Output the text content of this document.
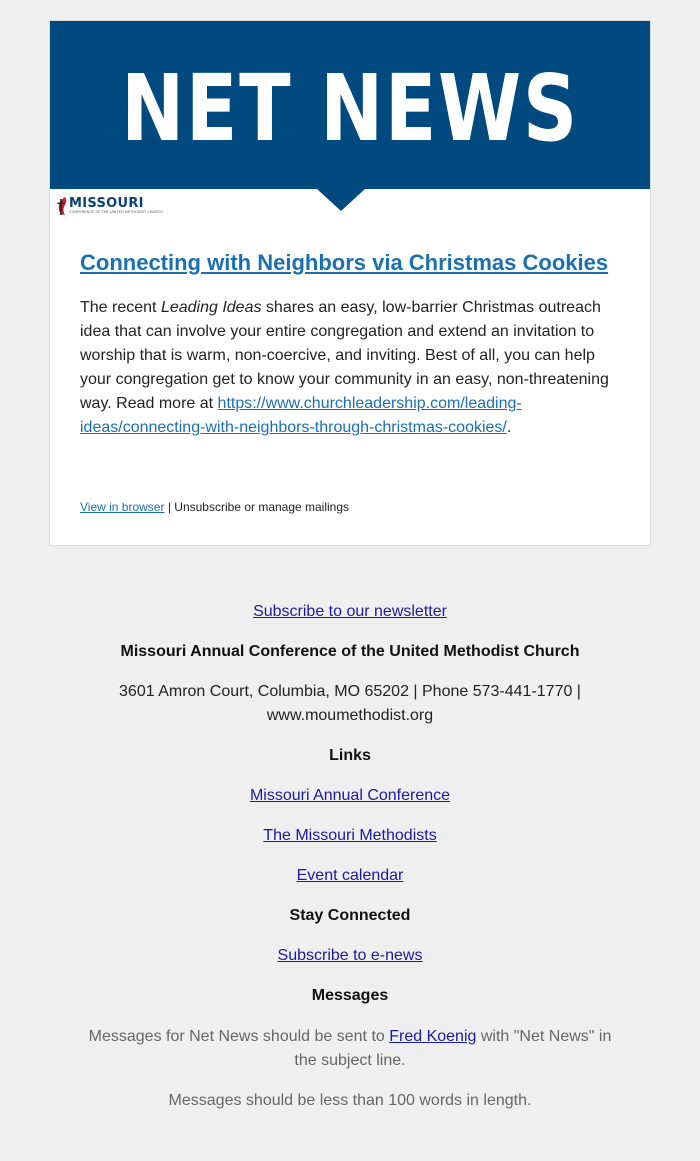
NET NEWS
MISSOURI
CONFERENCE OF THE UNITED METHODIST CHURCH
Connecting with Neighbors via Christmas Cookies
The recent Leading Ideas shares an easy, low-barrier Christmas outreach idea that can involve your entire congregation and extend an invitation to worship that is warm, non-coercive, and inviting. Best of all, you can help your congregation get to know your community in an easy, non-threatening way. Read more at https://www.churchleadership.com/leading-ideas/connecting-with-neighbors-through-christmas-cookies/.
View in browser | Unsubscribe or manage mailings
Subscribe to our newsletter
Missouri Annual Conference of the United Methodist Church
3601 Amron Court, Columbia, MO 65202 | Phone 573-441-1770 | www.moumethodist.org
Links
Missouri Annual Conference
The Missouri Methodists
Event calendar
Stay Connected
Subscribe to e-news
Messages
Messages for Net News should be sent to Fred Koenig with "Net News" in the subject line.
Messages should be less than 100 words in length.
